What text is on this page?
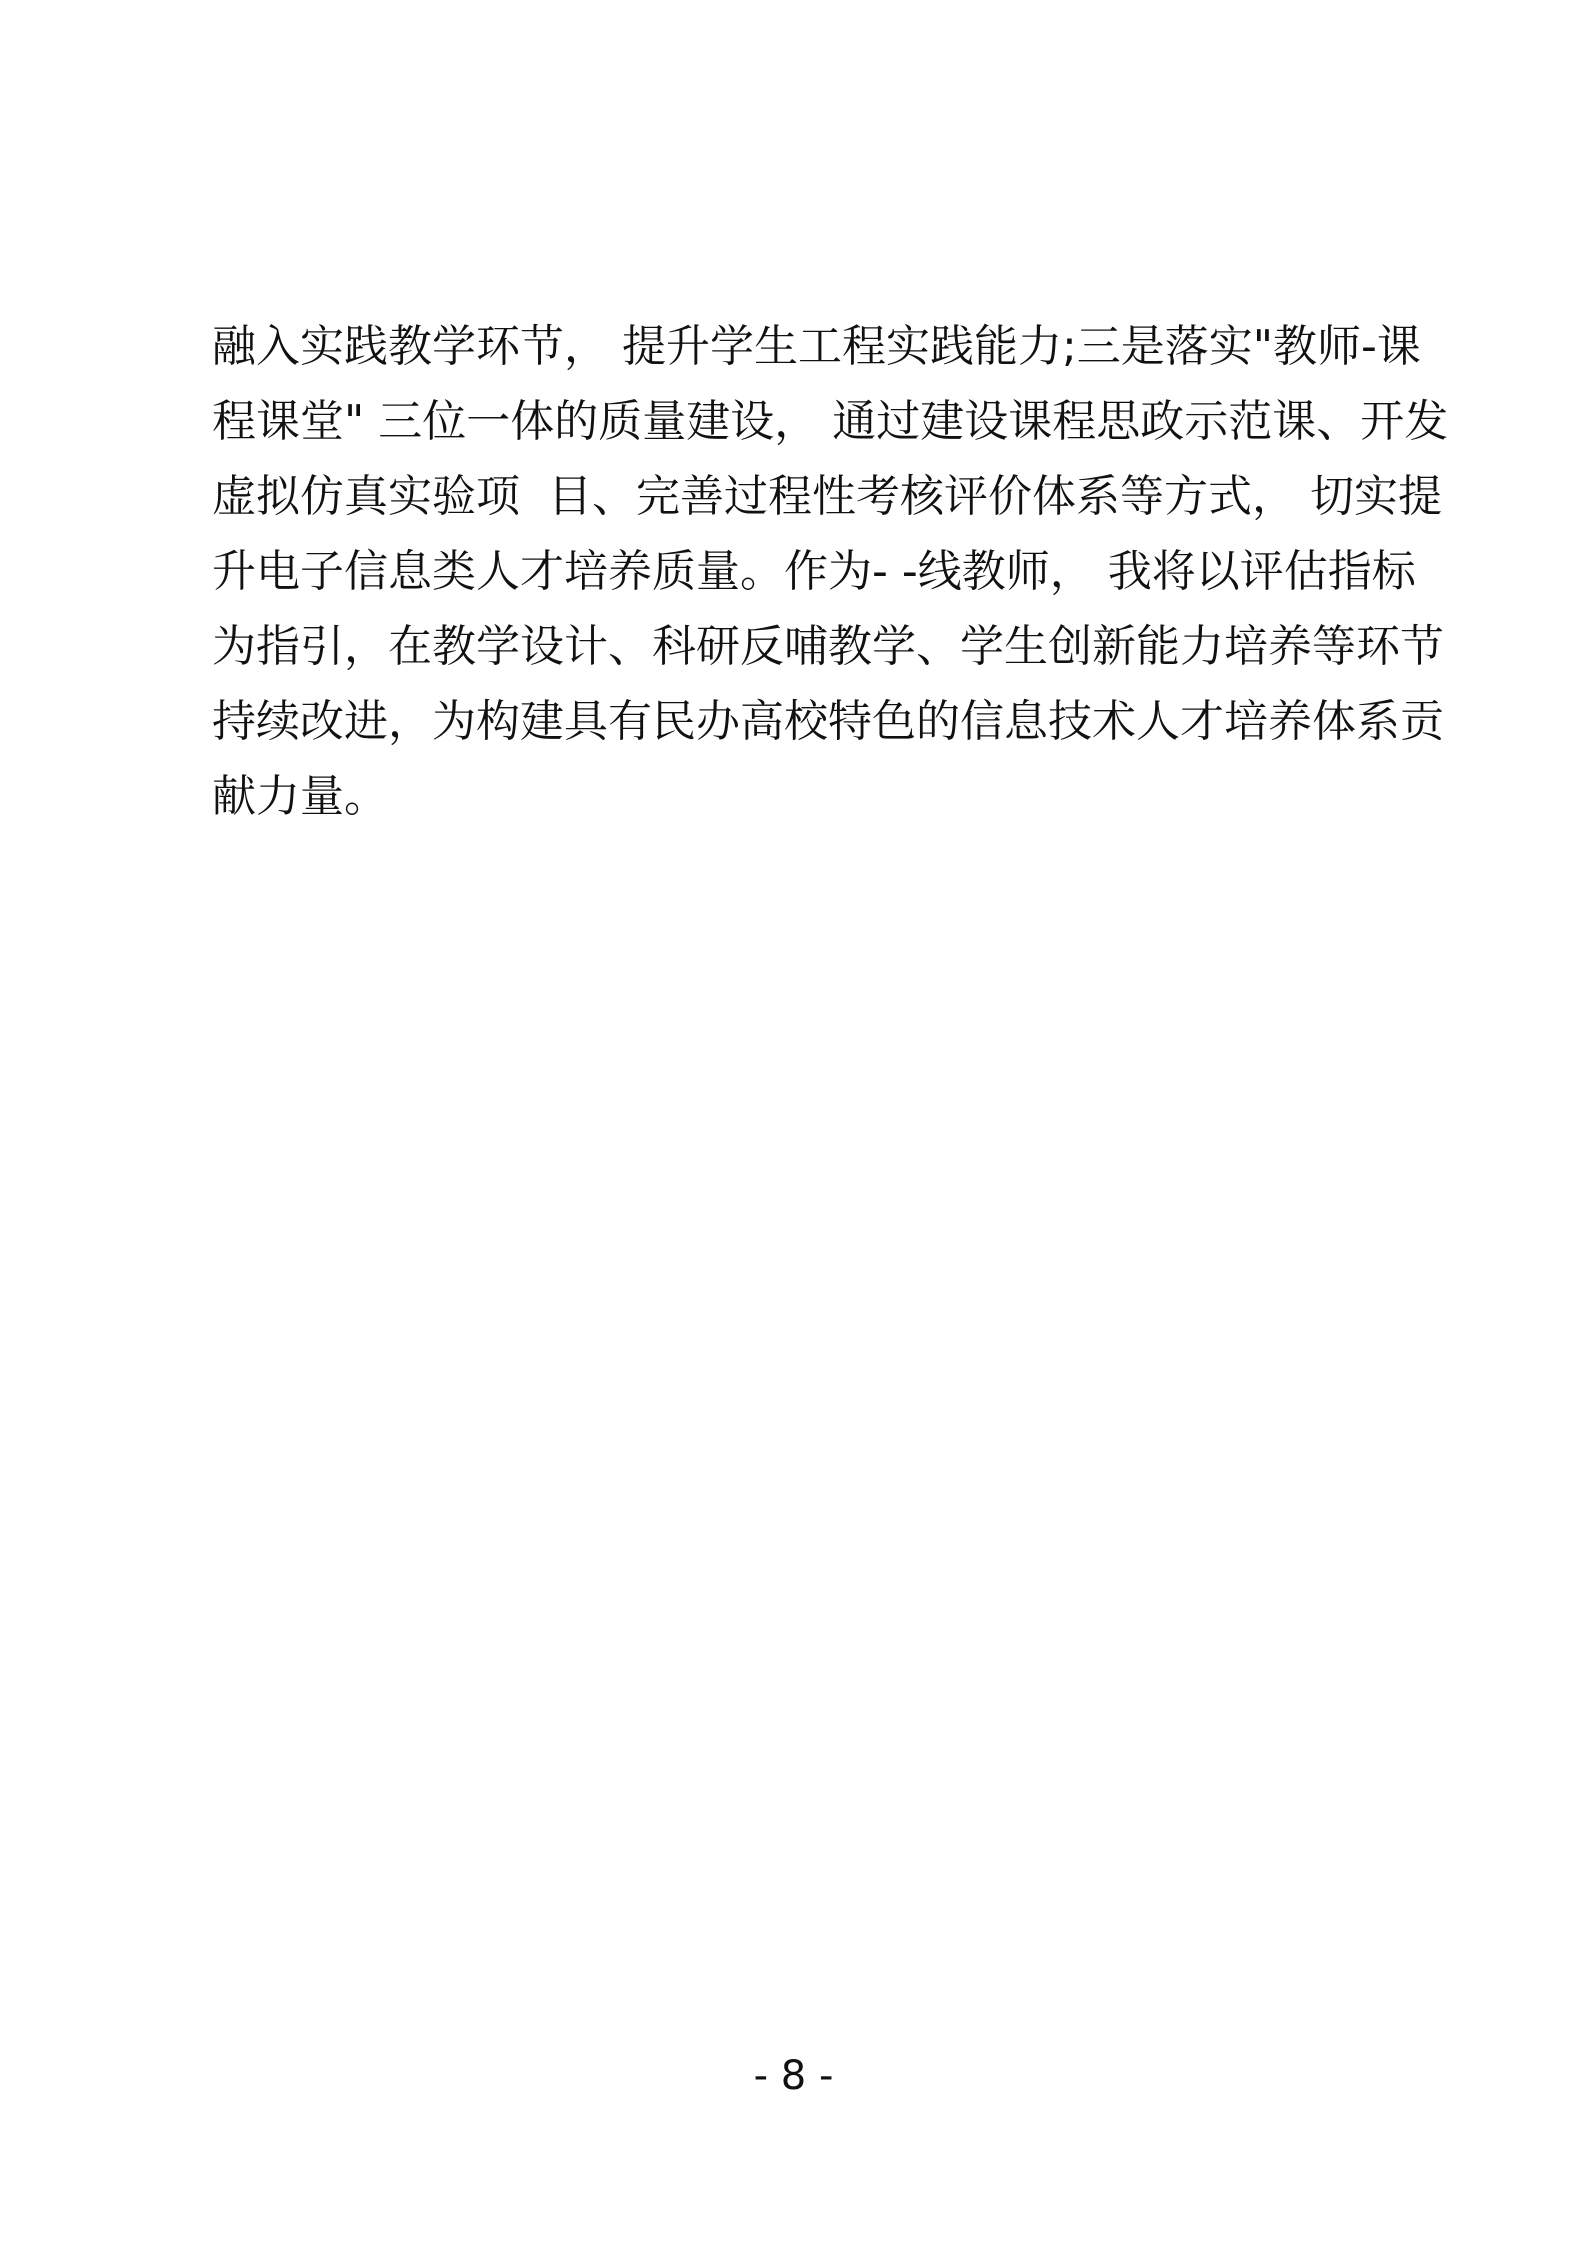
融入实践教学环节， 提升学生工程实践能力;三是落实"教师-课
程课堂" 三位一体的质量建设， 通过建设课程思政示范课、开发
虚拟仿真实验项  目、完善过程性考核评价体系等方式， 切实提
升电子信息类人才培养质量。作为- -线教师， 我将以评估指标
为指引，在教学设计、科研反哺教学、学生创新能力培养等环节
持续改进，为构建具有民办高校特色的信息技术人才培养体系贡
献力量。
- 8 -
